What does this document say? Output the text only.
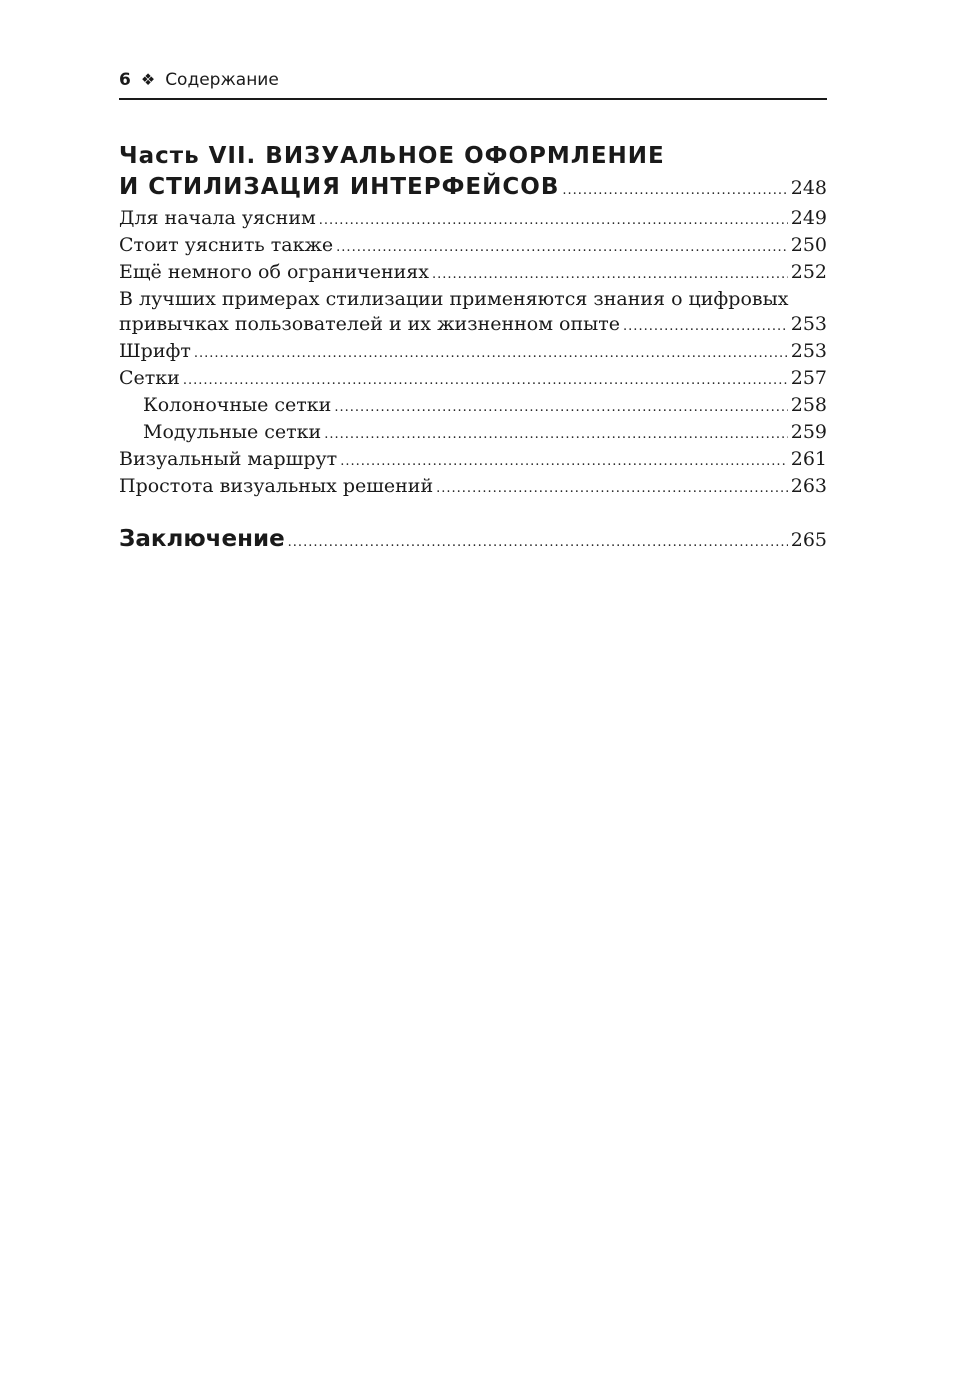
6 ❖ Содержание
Часть VII. ВИЗУАЛЬНОЕ ОФОРМЛЕНИЕ
И СТИЛИЗАЦИЯ ИНТЕРФЕЙСОВ .....	248
Для начала уясним .....	249
Стоит уяснить также .....	250
Ещё немного об ограничениях .....	252
В лучших примерах стилизации применяются знания о цифровых
привычках пользователей и их жизненном опыте .....	253
Шрифт .....	253
Сетки .....	257
Колоночные сетки .....	258
Модульные сетки .....	259
Визуальный маршрут .....	261
Простота визуальных решений .....	263
Заключение .....	265
